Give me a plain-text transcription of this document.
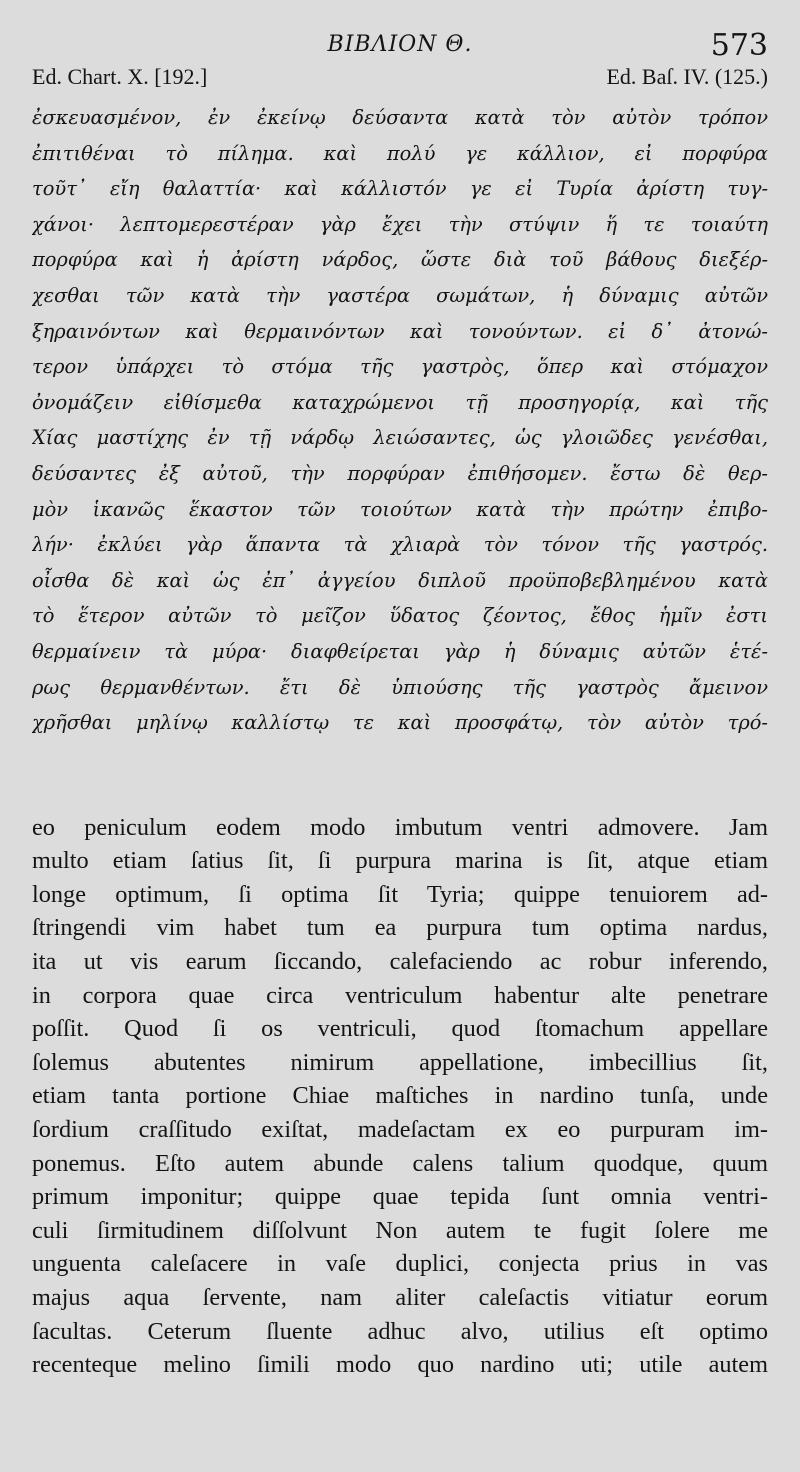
BIBΛΙΟΝ Θ.	573
Ed. Chart. X. [192.]	Ed. Baſ. IV. (125.)
ἐσκευασμένον, ἐν ἐκείνῳ δεύσαντα κατὰ τὸν αὐτὸν τρόπον
ἐπιτιθέναι τὸ πίλημα. καὶ πολύ γε κάλλιον, εἰ πορφύρα
τοῦτ᾽ εἴη θαλαττία· καὶ κάλλιστόν γε εἰ Τυρία ἀρίστη τυγ-
χάνοι· λεπτομερεστέραν γὰρ ἔχει τὴν στύψιν ἥ τε τοιαύτη
πορφύρα καὶ ἡ ἀρίστη νάρδος, ὥστε διὰ τοῦ βάθους διεξέρ-
χεσθαι τῶν κατὰ τὴν γαστέρα σωμάτων, ἡ δύναμις αὐτῶν
ξηραινόντων καὶ θερμαινόντων καὶ τονούντων. εἰ δ᾽ ἀτονώ-
τερον ὑπάρχει τὸ στόμα τῆς γαστρὸς, ὅπερ καὶ στόμαχον
ὀνομάζειν εἰθίσμεθα καταχρώμενοι τῇ προσηγορίᾳ, καὶ τῆς
Χίας μαστίχης ἐν τῇ νάρδῳ λειώσαντες, ὡς γλοιῶδες γενέσθαι,
δεύσαντες ἐξ αὐτοῦ, τὴν πορφύραν ἐπιθήσομεν. ἔστω δὲ θερ-
μὸν ἱκανῶς ἕκαστον τῶν τοιούτων κατὰ τὴν πρώτην ἐπιβο-
λήν· ἐκλύει γὰρ ἅπαντα τὰ χλιαρὰ τὸν τόνον τῆς γαστρός.
οἶσθα δὲ καὶ ὡς ἐπ᾽ ἀγγείου διπλοῦ προϋποβεβλημένου κατὰ
τὸ ἕτερον αὐτῶν τὸ μεῖζον ὕδατος ζέοντος, ἔθος ἡμῖν ἐστι
θερμαίνειν τὰ μύρα· διαφθείρεται γὰρ ἡ δύναμις αὐτῶν ἑτέ-
ρως θερμανθέντων. ἔτι δὲ ὑπιούσης τῆς γαστρὸς ἄμεινον
χρῆσθαι μηλίνῳ καλλίστῳ τε καὶ προσφάτῳ, τὸν αὐτὸν τρό-
eo peniculum eodem modo imbutum ventri admovere. Jam
multo etiam ſatius ſit, ſi purpura marina is ſit, atque etiam
longe optimum, ſi optima ſit Tyria; quippe tenuiorem ad-
ſtringendi vim habet tum ea purpura tum optima nardus,
ita ut vis earum ſiccando, calefaciendo ac robur inferendo,
in corpora quae circa ventriculum habentur alte penetrare
poſſit. Quod ſi os ventriculi, quod ſtomachum appellare
ſolemus abutentes nimirum appellatione, imbecillius ſit,
etiam tanta portione Chiae maſtiches in nardino tunſa, unde
ſordium craſſitudo exiſtat, madeſactam ex eo purpuram im-
ponemus. Eſto autem abunde calens talium quodque, quum
primum imponitur; quippe quae tepida ſunt omnia ventri-
culi ſirmitudinem diſſolvunt Non autem te fugit ſolere me
unguenta caleſacere in vaſe duplici, conjecta prius in vas
majus aqua ſervente, nam aliter caleſactis vitiatur eorum
ſacultas. Ceterum ſluente adhuc alvo, utilius eſt optimo
recenteque melino ſimili modo quo nardino uti; utile autem
